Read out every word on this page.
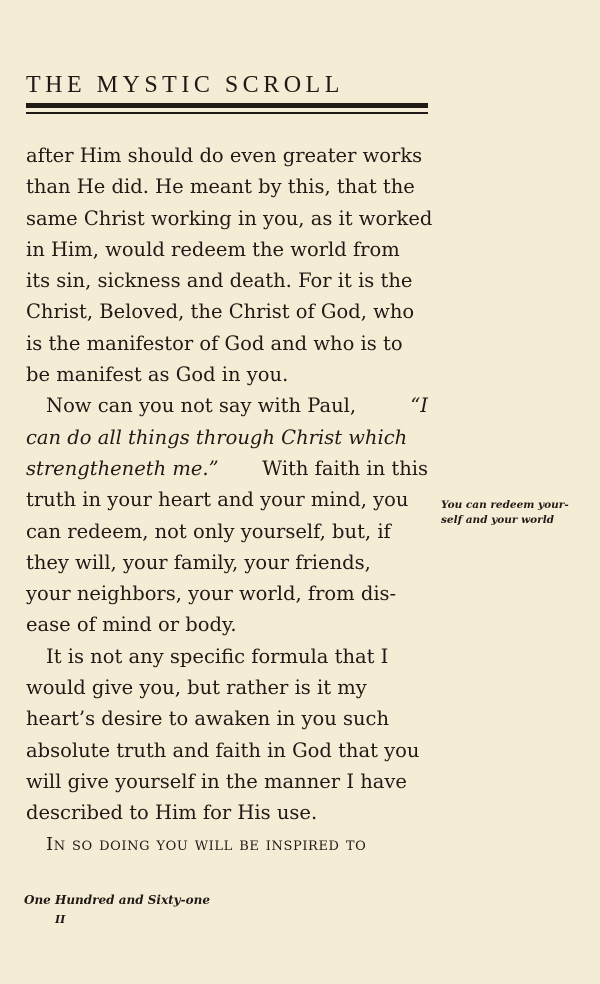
THE MYSTIC SCROLL
after Him should do even greater works
than He did. He meant by this, that the
same Christ working in you, as it worked
in Him, would redeem the world from
its sin, sickness and death. For it is the
Christ, Beloved, the Christ of God, who
is the manifestor of God and who is to
be manifest as God in you.
Now can you not say with Paul,	“I
can do all things through Christ which
strengtheneth me.” With faith in this
truth in your heart and your mind, you
can redeem, not only yourself, but, if
they will, your family, your friends,
your neighbors, your world, from dis-
ease of mind or body.
It is not any specific formula that I
would give you, but rather is it my
heart’s desire to awaken in you such
absolute truth and faith in God that you
will give yourself in the manner I have
described to Him for His use.
In so doing you will be inspired to
You can redeem your-
self and your world
One Hundred and Sixty-one
II
